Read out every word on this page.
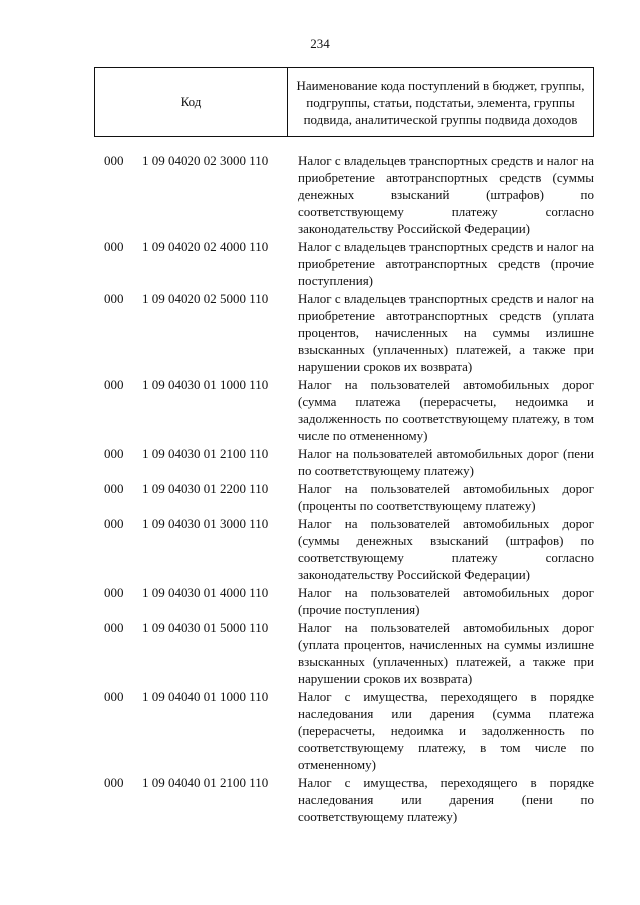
234
Код	Наименование кода поступлений в бюджет, группы, подгруппы, статьи, подстатьи, элемента, группы подвида, аналитической группы подвида доходов
000	1 09 04020 02 3000 110	Налог с владельцев транспортных средств и налог на приобретение автотранспортных средств (суммы денежных взысканий (штрафов) по соответствующему платежу согласно законодательству Российской Федерации)
000	1 09 04020 02 4000 110	Налог с владельцев транспортных средств и налог на приобретение автотранспортных средств (прочие поступления)
000	1 09 04020 02 5000 110	Налог с владельцев транспортных средств и налог на приобретение автотранспортных средств (уплата процентов, начисленных на суммы излишне взысканных (уплаченных) платежей, а также при нарушении сроков их возврата)
000	1 09 04030 01 1000 110	Налог на пользователей автомобильных дорог (сумма платежа (перерасчеты, недоимка и задолженность по соответствующему платежу, в том числе по отмененному)
000	1 09 04030 01 2100 110	Налог на пользователей автомобильных дорог (пени по соответствующему платежу)
000	1 09 04030 01 2200 110	Налог на пользователей автомобильных дорог (проценты по соответствующему платежу)
000	1 09 04030 01 3000 110	Налог на пользователей автомобильных дорог (суммы денежных взысканий (штрафов) по соответствующему платежу согласно законодательству Российской Федерации)
000	1 09 04030 01 4000 110	Налог на пользователей автомобильных дорог (прочие поступления)
000	1 09 04030 01 5000 110	Налог на пользователей автомобильных дорог (уплата процентов, начисленных на суммы излишне взысканных (уплаченных) платежей, а также при нарушении сроков их возврата)
000	1 09 04040 01 1000 110	Налог с имущества, переходящего в порядке наследования или дарения (сумма платежа (перерасчеты, недоимка и задолженность по соответствующему платежу, в том числе по отмененному)
000	1 09 04040 01 2100 110	Налог с имущества, переходящего в порядке наследования или дарения (пени по соответствующему платежу)
